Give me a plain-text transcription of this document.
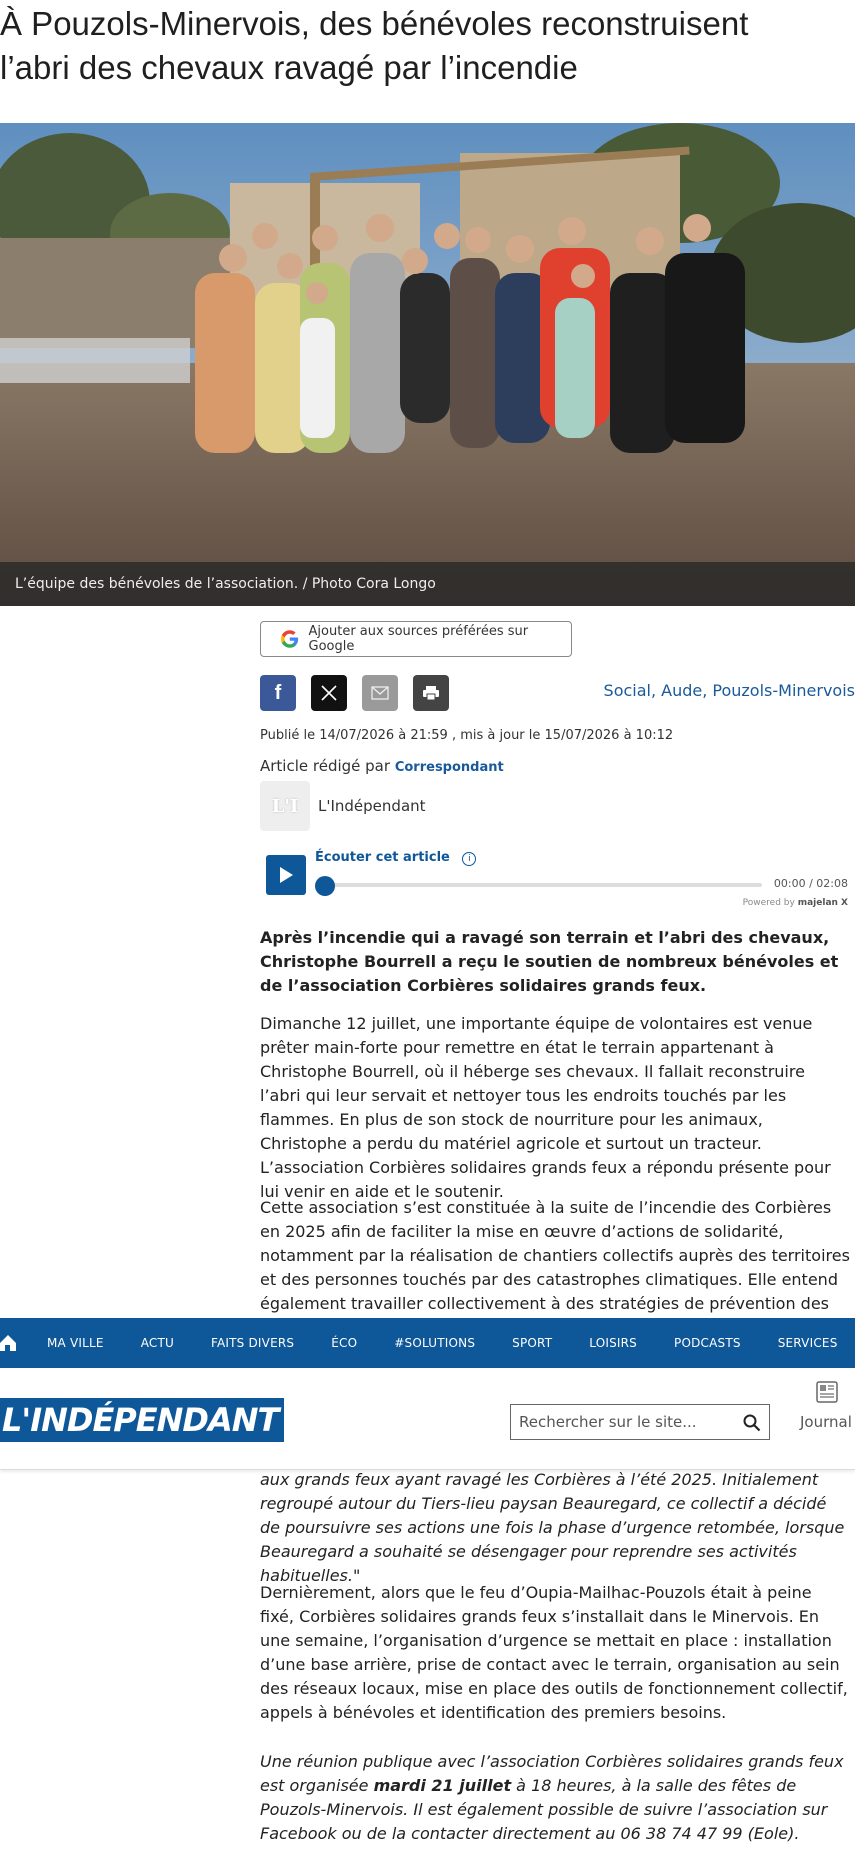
À Pouzols-Minervois, des bénévoles reconstruisent
l’abri des chevaux ravagé par l’incendie
L’équipe des bénévoles de l’association. / Photo Cora Longo
Ajouter aux sources préférées sur Google
f	Social, Aude, Pouzols-Minervois
Publié le 14/07/2026 à 21:59 , mis à jour le 15/07/2026 à 10:12
Article rédigé par Correspondant
L'I L'Indépendant
Écouter cet article i
00:00 / 02:08
Powered by majelan X
Après l’incendie qui a ravagé son terrain et l’abri des chevaux, Christophe Bourrell a reçu le soutien de nombreux bénévoles et de l’association Corbières solidaires grands feux.
Dimanche 12 juillet, une importante équipe de volontaires est venue prêter main-forte pour remettre en état le terrain appartenant à Christophe Bourrell, où il héberge ses chevaux. Il fallait reconstruire l’abri qui leur servait et nettoyer tous les endroits touchés par les flammes. En plus de son stock de nourriture pour les animaux, Christophe a perdu du matériel agricole et surtout un tracteur. L’association Corbières solidaires grands feux a répondu présente pour lui venir en aide et le soutenir.
Cette association s’est constituée à la suite de l’incendie des Corbières en 2025 afin de faciliter la mise en œuvre d’actions de solidarité, notamment par la réalisation de chantiers collectifs auprès des territoires et des personnes touchés par des catastrophes climatiques. Elle entend également travailler collectivement à des stratégies de prévention des
aux grands feux ayant ravagé les Corbières à l’été 2025. Initialement regroupé autour du Tiers-lieu paysan Beauregard, ce collectif a décidé de poursuivre ses actions une fois la phase d’urgence retombée, lorsque Beauregard a souhaité se désengager pour reprendre ses activités habituelles."
Dernièrement, alors que le feu d’Oupia-Mailhac-Pouzols était à peine fixé, Corbières solidaires grands feux s’installait dans le Minervois. En une semaine, l’organisation d’urgence se mettait en place : installation d’une base arrière, prise de contact avec le terrain, organisation au sein des réseaux locaux, mise en place des outils de fonctionnement collectif, appels à bénévoles et identification des premiers besoins.
Une réunion publique avec l’association Corbières solidaires grands feux est organisée mardi 21 juillet à 18 heures, à la salle des fêtes de Pouzols-Minervois. Il est également possible de suivre l’association sur Facebook ou de la contacter directement au 06 38 74 47 99 (Eole).
MA VILLE	ACTU	FAITS DIVERS	ÉCO	#SOLUTIONS	SPORT	LOISIRS	PODCASTS	SERVICES
L'INDÉPENDANT	Rechercher sur le site...	Journal
